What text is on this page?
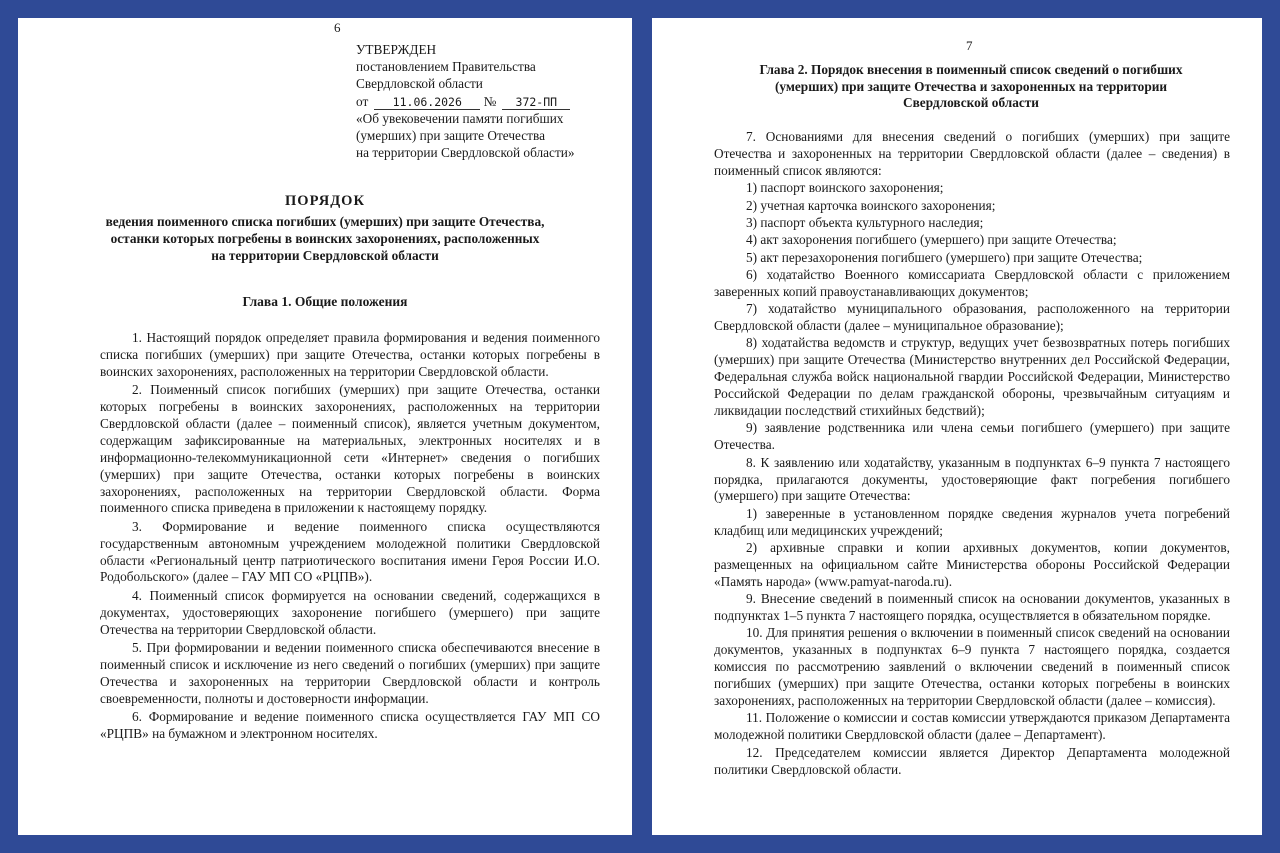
6
УТВЕРЖДЕН
постановлением Правительства
Свердловской области
от 11.06.2026 № 372-ПП
«Об увековечении памяти погибших
(умерших) при защите Отечества
на территории Свердловской области»
ПОРЯДОК
ведения поименного списка погибших (умерших) при защите Отечества,
останки которых погребены в воинских захоронениях, расположенных
на территории Свердловской области
Глава 1. Общие положения

1. Настоящий порядок определяет правила формирования и ведения поименного списка погибших (умерших) при защите Отечества, останки которых погребены в воинских захоронениях, расположенных на территории Свердловской области.

2. Поименный список погибших (умерших) при защите Отечества, останки которых погребены в воинских захоронениях, расположенных на территории Свердловской области (далее – поименный список), является учетным документом, содержащим зафиксированные на материальных, электронных носителях и в информационно-телекоммуникационной сети «Интернет» сведения о погибших (умерших) при защите Отечества, останки которых погребены в воинских захоронениях, расположенных на территории Свердловской области. Форма поименного списка приведена в приложении к настоящему порядку.

3. Формирование и ведение поименного списка осуществляются государственным автономным учреждением молодежной политики Свердловской области «Региональный центр патриотического воспитания имени Героя России И.О. Родобольского» (далее – ГАУ МП СО «РЦПВ»).

4. Поименный список формируется на основании сведений, содержащихся в документах, удостоверяющих захоронение погибшего (умершего) при защите Отечества на территории Свердловской области.

5. При формировании и ведении поименного списка обеспечиваются внесение в поименный список и исключение из него сведений о погибших (умерших) при защите Отечества и захороненных на территории Свердловской области и контроль своевременности, полноты и достоверности информации.

6. Формирование и ведение поименного списка осуществляется ГАУ МП СО «РЦПВ» на бумажном и электронном носителях.

7
Глава 2. Порядок внесения в поименный список сведений о погибших
(умерших) при защите Отечества и захороненных на территории
Свердловской области

7. Основаниями для внесения сведений о погибших (умерших) при защите Отечества и захороненных на территории Свердловской области (далее – сведения) в поименный список являются:

1) паспорт воинского захоронения;

2) учетная карточка воинского захоронения;

3) паспорт объекта культурного наследия;

4) акт захоронения погибшего (умершего) при защите Отечества;

5) акт перезахоронения погибшего (умершего) при защите Отечества;

6) ходатайство Военного комиссариата Свердловской области с приложением заверенных копий правоустанавливающих документов;

7) ходатайство муниципального образования, расположенного на территории Свердловской области (далее – муниципальное образование);

8) ходатайства ведомств и структур, ведущих учет безвозвратных потерь погибших (умерших) при защите Отечества (Министерство внутренних дел Российской Федерации, Федеральная служба войск национальной гвардии Российской Федерации, Министерство Российской Федерации по делам гражданской обороны, чрезвычайным ситуациям и ликвидации последствий стихийных бедствий);

9) заявление родственника или члена семьи погибшего (умершего) при защите Отечества.

8. К заявлению или ходатайству, указанным в подпунктах 6–9 пункта 7 настоящего порядка, прилагаются документы, удостоверяющие факт погребения погибшего (умершего) при защите Отечества:

1) заверенные в установленном порядке сведения журналов учета погребений кладбищ или медицинских учреждений;

2) архивные справки и копии архивных документов, копии документов, размещенных на официальном сайте Министерства обороны Российской Федерации «Память народа» (www.pamyat-naroda.ru).

9. Внесение сведений в поименный список на основании документов, указанных в подпунктах 1–5 пункта 7 настоящего порядка, осуществляется в обязательном порядке.

10. Для принятия решения о включении в поименный список сведений на основании документов, указанных в подпунктах 6–9 пункта 7 настоящего порядка, создается комиссия по рассмотрению заявлений о включении сведений в поименный список погибших (умерших) при защите Отечества, останки которых погребены в воинских захоронениях, расположенных на территории Свердловской области (далее – комиссия).

11. Положение о комиссии и состав комиссии утверждаются приказом Департамента молодежной политики Свердловской области (далее – Департамент).

12. Председателем комиссии является Директор Департамента молодежной политики Свердловской области.
